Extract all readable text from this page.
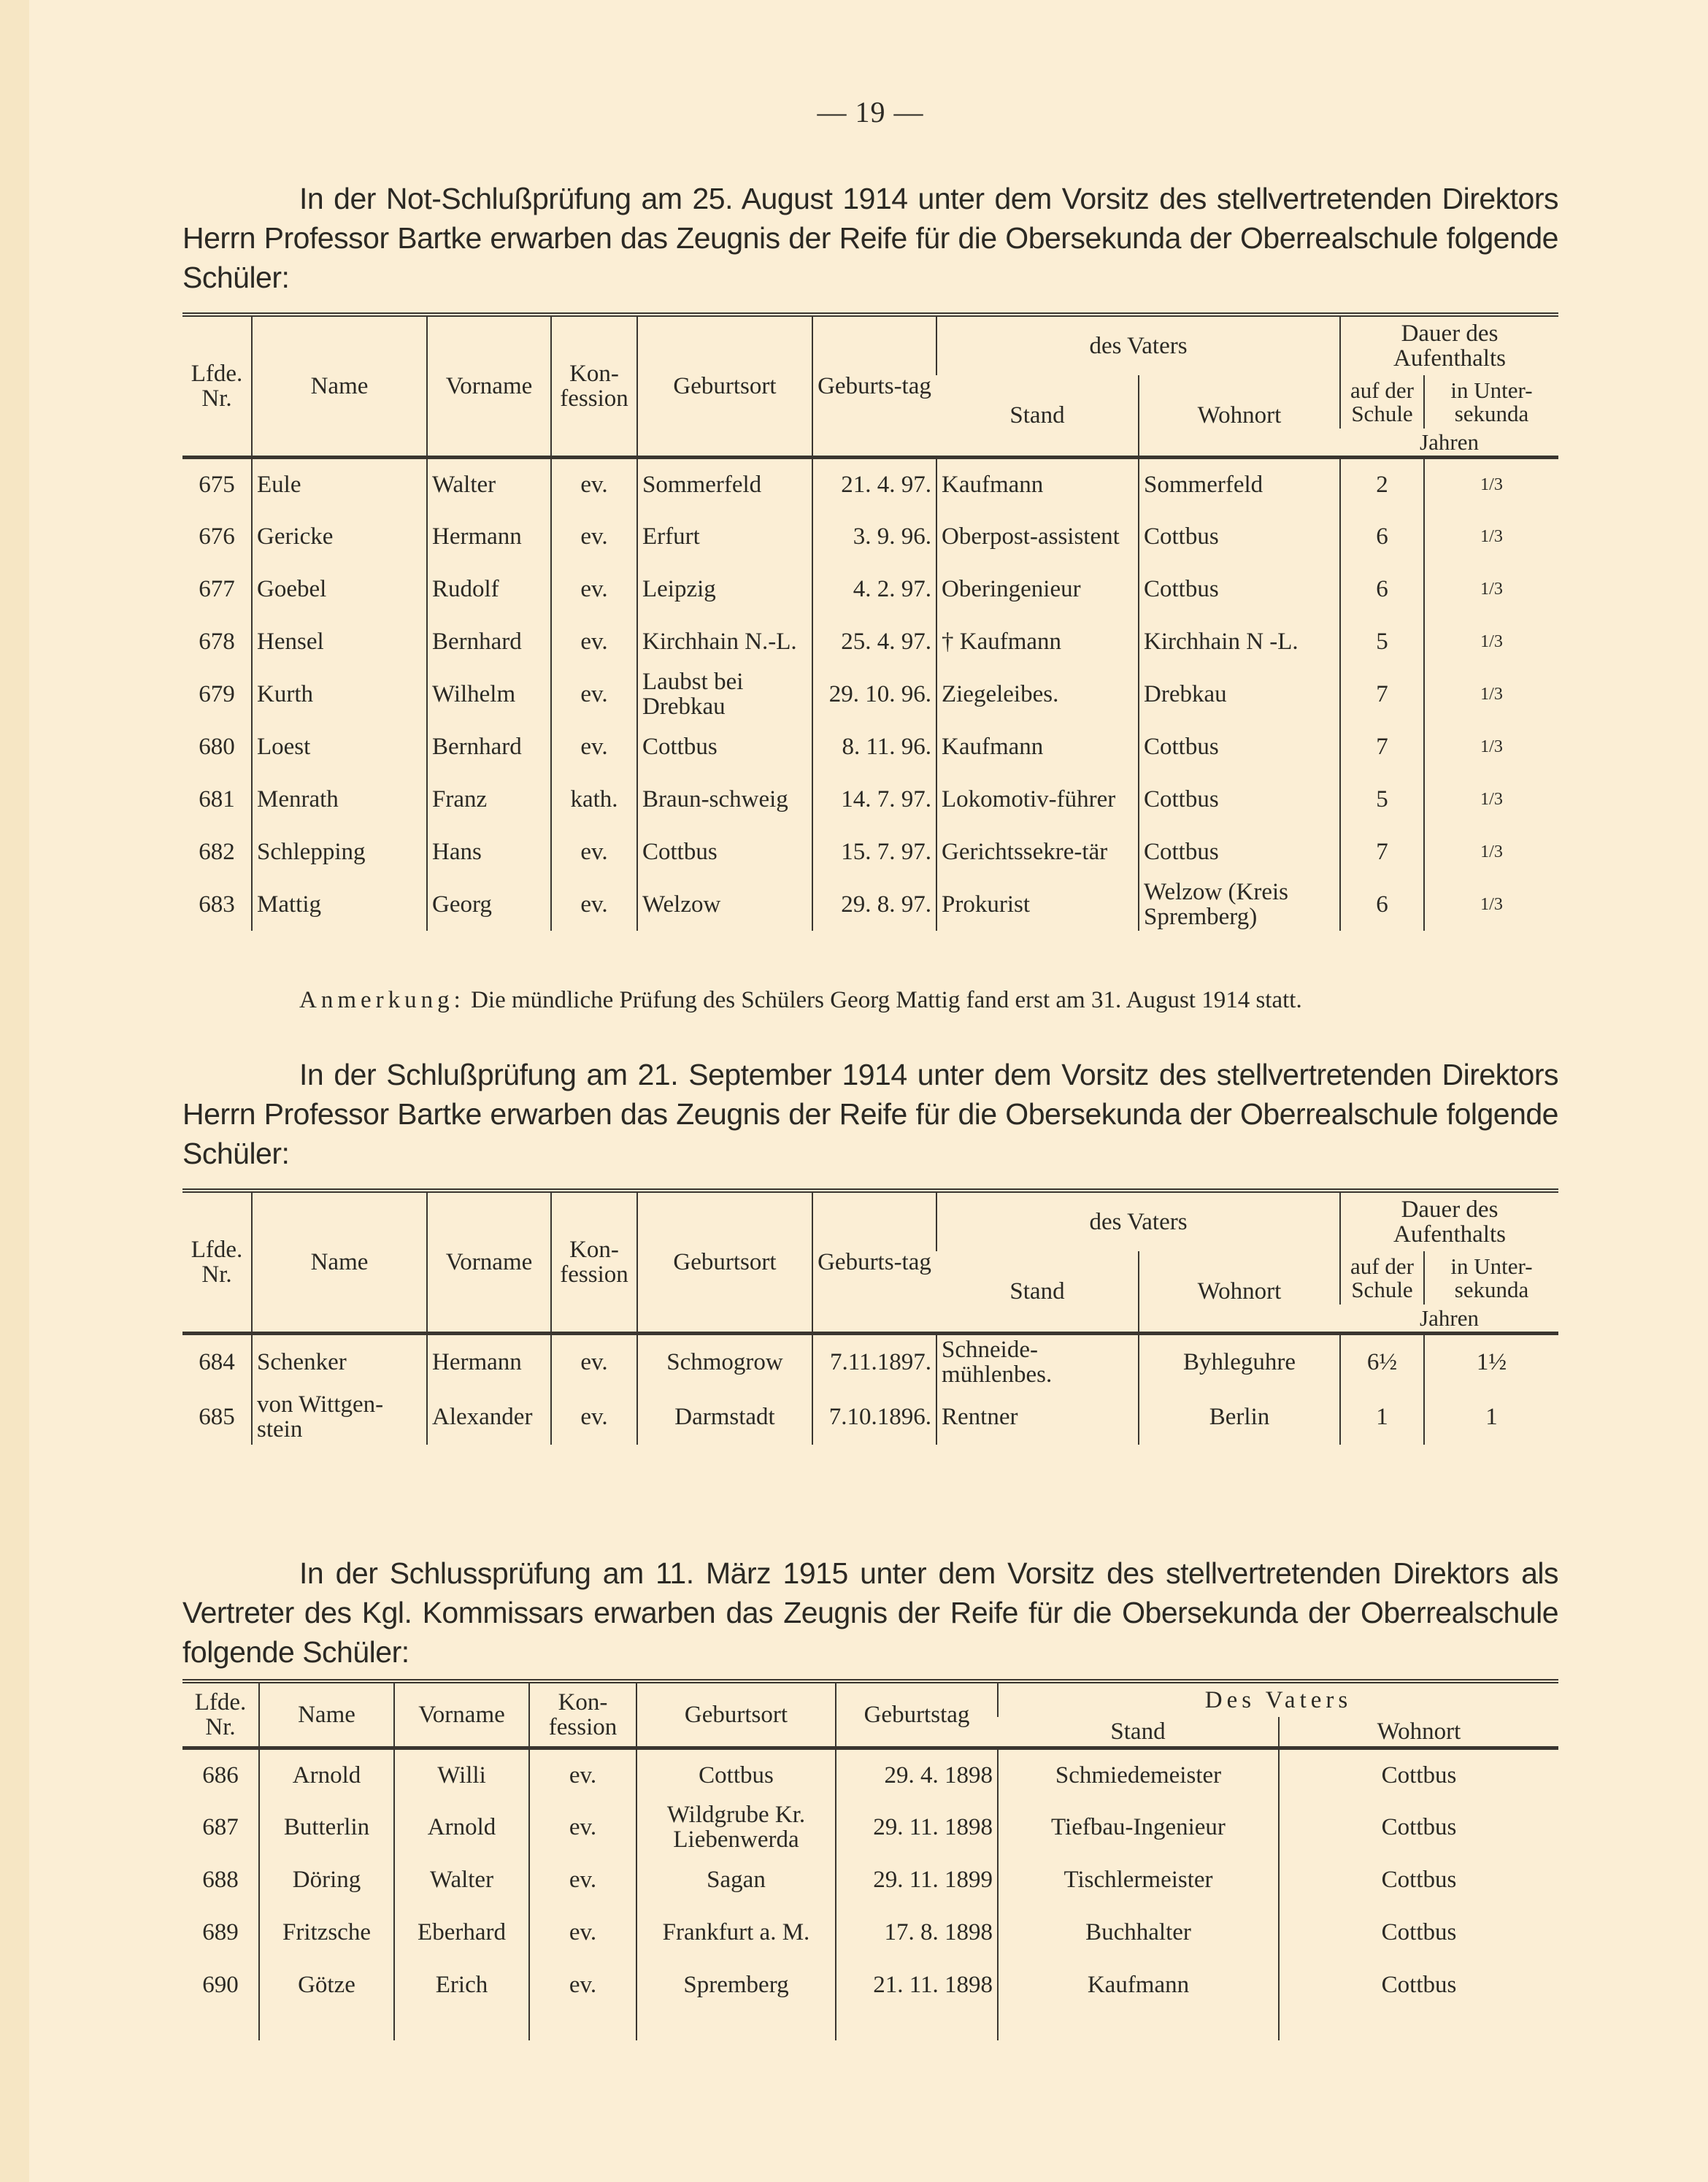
— 19 —
In der Not-Schlußprüfung am 25. August 1914 unter dem Vorsitz des stellvertretenden Direktors Herrn Professor Bartke erwarben das Zeugnis der Reife für die Obersekunda der Oberrealschule folgende Schüler:
Lfde. Nr.	Name	Vorname	Kon-fession	Geburtsort	Geburts-tag	des Vaters		Dauer des Aufenthalts	
						Stand	Wohnort	auf der Schule	in Unter-sekunda
								Jahren	
675	Eule	Walter	ev.	Sommerfeld	21. 4. 97.	Kaufmann	Sommerfeld	2	1/3
676	Gericke	Hermann	ev.	Erfurt	3. 9. 96.	Oberpost-assistent	Cottbus	6	1/3
677	Goebel	Rudolf	ev.	Leipzig	4. 2. 97.	Oberingenieur	Cottbus	6	1/3
678	Hensel	Bernhard	ev.	Kirchhain N.-L.	25. 4. 97.	† Kaufmann	Kirchhain N -L.	5	1/3
679	Kurth	Wilhelm	ev.	Laubst bei Drebkau	29. 10. 96.	Ziegeleibes.	Drebkau	7	1/3
680	Loest	Bernhard	ev.	Cottbus	8. 11. 96.	Kaufmann	Cottbus	7	1/3
681	Menrath	Franz	kath.	Braun-schweig	14. 7. 97.	Lokomotiv-führer	Cottbus	5	1/3
682	Schlepping	Hans	ev.	Cottbus	15. 7. 97.	Gerichtssekre-tär	Cottbus	7	1/3
683	Mattig	Georg	ev.	Welzow	29. 8. 97.	Prokurist	Welzow (Kreis Spremberg)	6	1/3
Anmerkung: Die mündliche Prüfung des Schülers Georg Mattig fand erst am 31. August 1914 statt.
In der Schlußprüfung am 21. September 1914 unter dem Vorsitz des stellvertretenden Direktors Herrn Professor Bartke erwarben das Zeugnis der Reife für die Obersekunda der Oberrealschule folgende Schüler:
Lfde. Nr.	Name	Vorname	Kon-fession	Geburtsort	Geburts-tag	des Vaters		Dauer des Aufenthalts	
						Stand	Wohnort	auf der Schule	in Unter-sekunda
								Jahren	
684	Schenker	Hermann	ev.	Schmogrow	7.11.1897.	Schneide-mühlenbes.	Byhleguhre	6½	1½
685	von Wittgen-stein	Alexander	ev.	Darmstadt	7.10.1896.	Rentner	Berlin	1	1
In der Schlussprüfung am 11. März 1915 unter dem Vorsitz des stellvertretenden Direktors als Vertreter des Kgl. Kommissars erwarben das Zeugnis der Reife für die Obersekunda der Oberrealschule folgende Schüler:
Lfde. Nr.	Name	Vorname	Kon-fession	Geburtsort	Geburtstag	Des Vaters	
						Stand	Wohnort
686	Arnold	Willi	ev.	Cottbus	29. 4. 1898	Schmiedemeister	Cottbus
687	Butterlin	Arnold	ev.	Wildgrube Kr. Liebenwerda	29. 11. 1898	Tiefbau-Ingenieur	Cottbus
688	Döring	Walter	ev.	Sagan	29. 11. 1899	Tischlermeister	Cottbus
689	Fritzsche	Eberhard	ev.	Frankfurt a. M.	17. 8. 1898	Buchhalter	Cottbus
690	Götze	Erich	ev.	Spremberg	21. 11. 1898	Kaufmann	Cottbus
